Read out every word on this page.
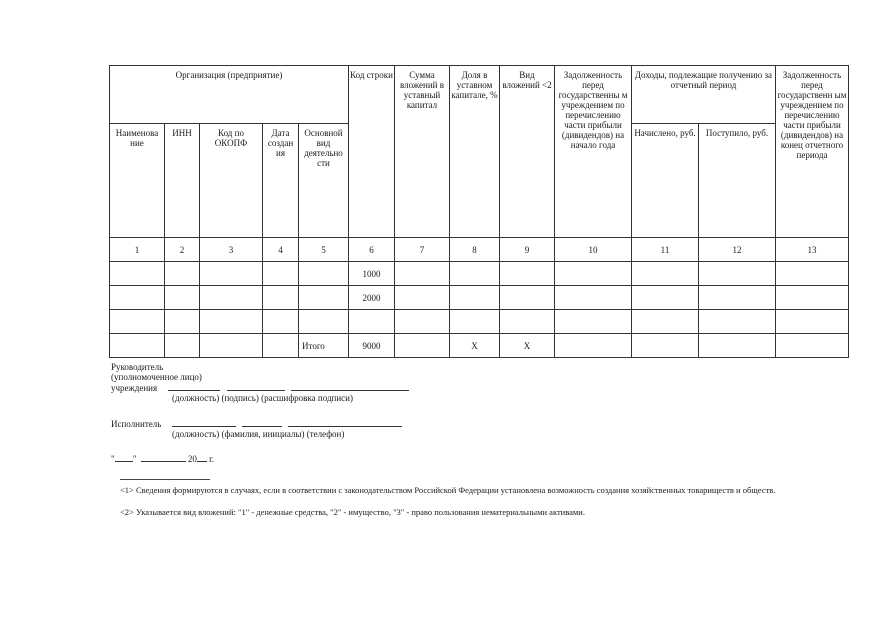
Организация (предприятие)					Код строки	Сумма вложений в уставный капитал	Доля в уставном капитале, %	Вид вложений <2	Задолженность перед государственны м учреждением по перечислению части прибыли (дивидендов) на начало года	Доходы, подлежащие получению за отчетный период		Задолженность перед государственн ым учреждением по перечислению части прибыли (дивидендов) на конец отчетного периода
Наименова ние	ИНН	Код по ОКОПФ	Дата создан ия	Основной вид деятельно сти						Начислено, руб.	Поступило, руб.	
1	2	3	4	5	6	7	8	9	10	11	12	13
					1000							
					2000							

				Итого	9000		X	X				
Руководитель
(уполномоченное лицо)
учреждения
(должность) (подпись) (расшифровка подписи)
Исполнитель
(должность) (фамилия, инициалы) (телефон)
" "	20 г.
<1> Сведения формируются в случаях, если в соответствии с законодательством Российской Федерации установлена возможность создания хозяйственных товариществ и обществ.
<2> Указывается вид вложений: "1" - денежные средства, "2" - имущество, "3" - право пользования нематериальными активами.
